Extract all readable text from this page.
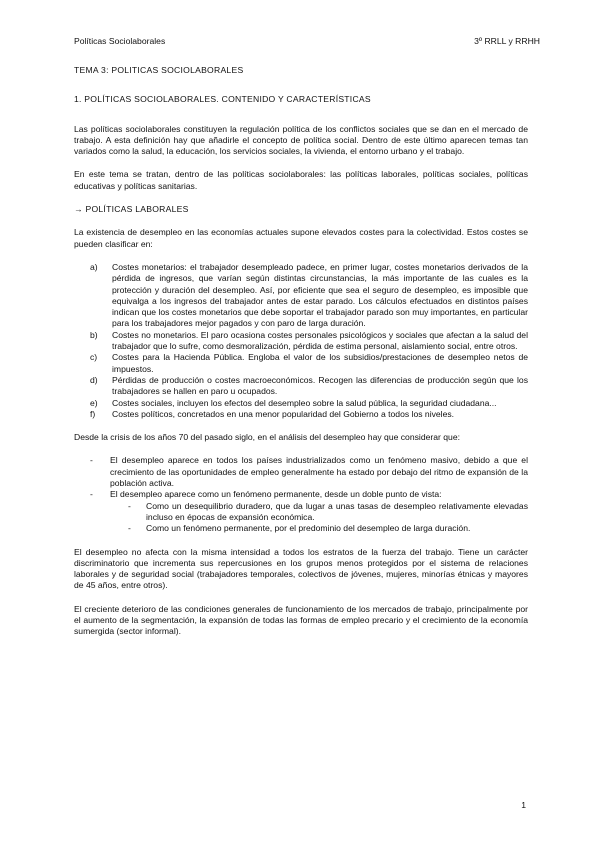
Políticas Sociolaborales	3º RRLL y RRHH
TEMA 3: POLITICAS SOCIOLABORALES
1. POLÍTICAS SOCIOLABORALES. CONTENIDO Y CARACTERÍSTICAS

Las políticas sociolaborales constituyen la regulación política de los conflictos sociales que se dan en el mercado de trabajo. A esta definición hay que añadirle el concepto de política social. Dentro de este último aparecen temas tan variados como la salud, la educación, los servicios sociales, la vivienda, el entorno urbano y el trabajo.

En este tema se tratan, dentro de las políticas sociolaborales: las políticas laborales, políticas sociales, políticas educativas y políticas sanitarias.

→ POLÍTICAS LABORALES

La existencia de desempleo en las economías actuales supone elevados costes para la colectividad. Estos costes se pueden clasificar en:

a) Costes monetarios: el trabajador desempleado padece, en primer lugar, costes monetarios derivados de la pérdida de ingresos, que varían según distintas circunstancias, la más importante de las cuales es la protección y duración del desempleo. Así, por eficiente que sea el seguro de desempleo, es imposible que equivalga a los ingresos del trabajador antes de estar parado. Los cálculos efectuados en distintos países indican que los costes monetarios que debe soportar el trabajador parado son muy importantes, en particular para los trabajadores mejor pagados y con paro de larga duración.
b) Costes no monetarios. El paro ocasiona costes personales psicológicos y sociales que afectan a la salud del trabajador que lo sufre, como desmoralización, pérdida de estima personal, aislamiento social, entre otros.
c) Costes para la Hacienda Pública. Engloba el valor de los subsidios/prestaciones de desempleo netos de impuestos.
d) Pérdidas de producción o costes macroeconómicos. Recogen las diferencias de producción según que los trabajadores se hallen en paro u ocupados.
e) Costes sociales, incluyen los efectos del desempleo sobre la salud pública, la seguridad ciudadana...
f) Costes políticos, concretados en una menor popularidad del Gobierno a todos los niveles.

Desde la crisis de los años 70 del pasado siglo, en el análisis del desempleo hay que considerar que:

- El desempleo aparece en todos los países industrializados como un fenómeno masivo, debido a que el crecimiento de las oportunidades de empleo generalmente ha estado por debajo del ritmo de expansión de la población activa.
- El desempleo aparece como un fenómeno permanente, desde un doble punto de vista:
- Como un desequilibrio duradero, que da lugar a unas tasas de desempleo relativamente elevadas incluso en épocas de expansión económica.
- Como un fenómeno permanente, por el predominio del desempleo de larga duración.

El desempleo no afecta con la misma intensidad a todos los estratos de la fuerza del trabajo. Tiene un carácter discriminatorio que incrementa sus repercusiones en los grupos menos protegidos por el sistema de relaciones laborales y de seguridad social (trabajadores temporales, colectivos de jóvenes, mujeres, minorías étnicas y mayores de 45 años, entre otros).

El creciente deterioro de las condiciones generales de funcionamiento de los mercados de trabajo, principalmente por el aumento de la segmentación, la expansión de todas las formas de empleo precario y el crecimiento de la economía sumergida (sector informal).

1
